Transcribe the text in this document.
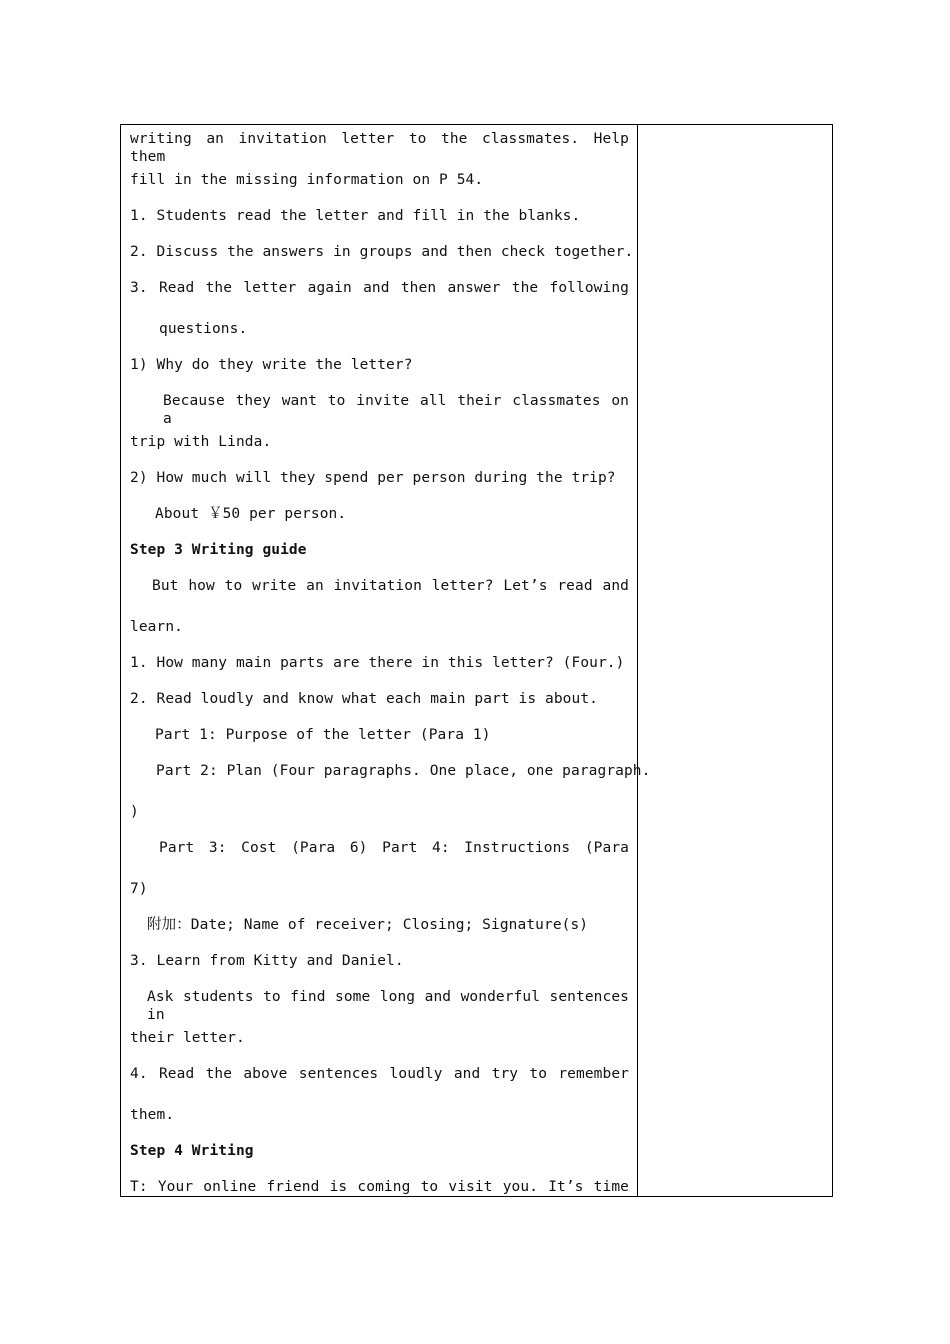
writing an invitation letter to the classmates. Help them
fill in the missing information on P 54.
1. Students read the letter and fill in the blanks.
2. Discuss the answers in groups and then check together.
3. Read the letter again and then answer the following
questions.
1) Why do they write the letter?
Because they want to invite all their classmates on a
trip with Linda.
2) How much will they spend per person during the trip?
About ￥50 per person.
Step 3 Writing guide
But how to write an invitation letter? Let’s read and
learn.
1. How many main parts are there in this letter? (Four.)
2. Read loudly and know what each main part is about.
Part 1: Purpose of the letter (Para 1)
Part 2: Plan (Four paragraphs. One place, one paragraph.
)
Part 3: Cost (Para 6) Part 4: Instructions (Para
7)
附加：Date; Name of receiver; Closing; Signature(s)
3. Learn from Kitty and Daniel.
Ask students to find some long and wonderful sentences in
their letter.
4. Read the above sentences loudly and try to remember
them.
Step 4 Writing
T: Your online friend is coming to visit you. It’s time
